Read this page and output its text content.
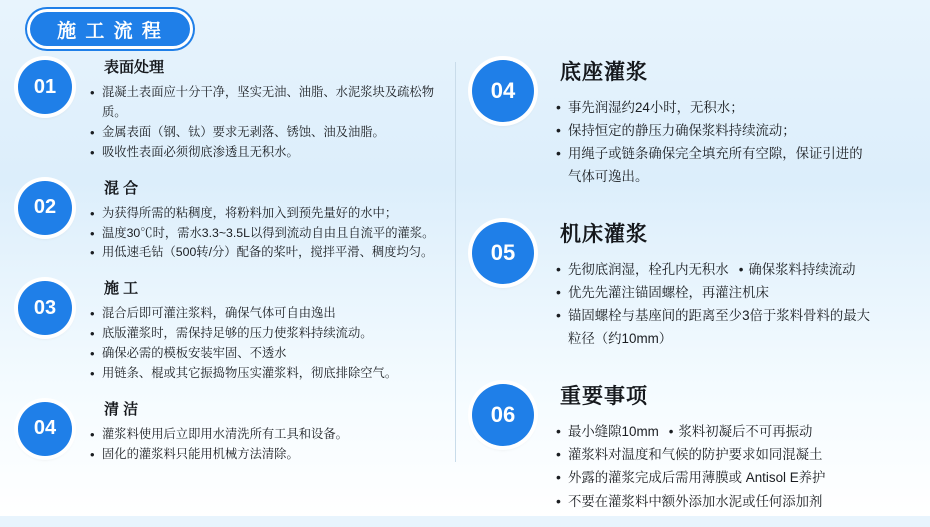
施 工 流 程
01
表面处理
• 混凝土表面应十分干净，坚实无油、油脂、水泥浆块及疏松物质。
• 金属表面（钢、钛）要求无剥落、锈蚀、油及油脂。
• 吸收性表面必须彻底渗透且无积水。
02
混 合
• 为获得所需的粘稠度，将粉料加入到预先量好的水中；
• 温度30℃时，需水3.3~3.5L以得到流动自由且自流平的灌浆。
• 用低速毛钻（500转/分）配备的桨叶，搅拌平滑、稠度均匀。
03
施 工
• 混合后即可灌注浆料，确保气体可自由逸出
• 底版灌浆时，需保持足够的压力使浆料持续流动。
• 确保必需的模板安装牢固、不透水
• 用链条、棍或其它振捣物压实灌浆料，彻底排除空气。
04
清 洁
• 灌浆料使用后立即用水清洗所有工具和设备。
• 固化的灌浆料只能用机械方法清除。
04
底座灌浆
• 事先润湿约24小时，无积水；
• 保持恒定的静压力确保浆料持续流动；
• 用绳子或链条确保完全填充所有空隙，保证引进的
气体可逸出。
05
机床灌浆
• 先彻底润湿，栓孔内无积水 • 确保浆料持续流动
• 优先先灌注锚固螺栓，再灌注机床
• 锚固螺栓与基座间的距离至少3倍于浆料骨料的最大
粒径（约10mm）
06
重要事项
• 最小缝隙10mm • 浆料初凝后不可再振动
• 灌浆料对温度和气候的防护要求如同混凝土
• 外露的灌浆完成后需用薄膜或 Antisol E养护
• 不要在灌浆料中额外添加水泥或任何添加剂
